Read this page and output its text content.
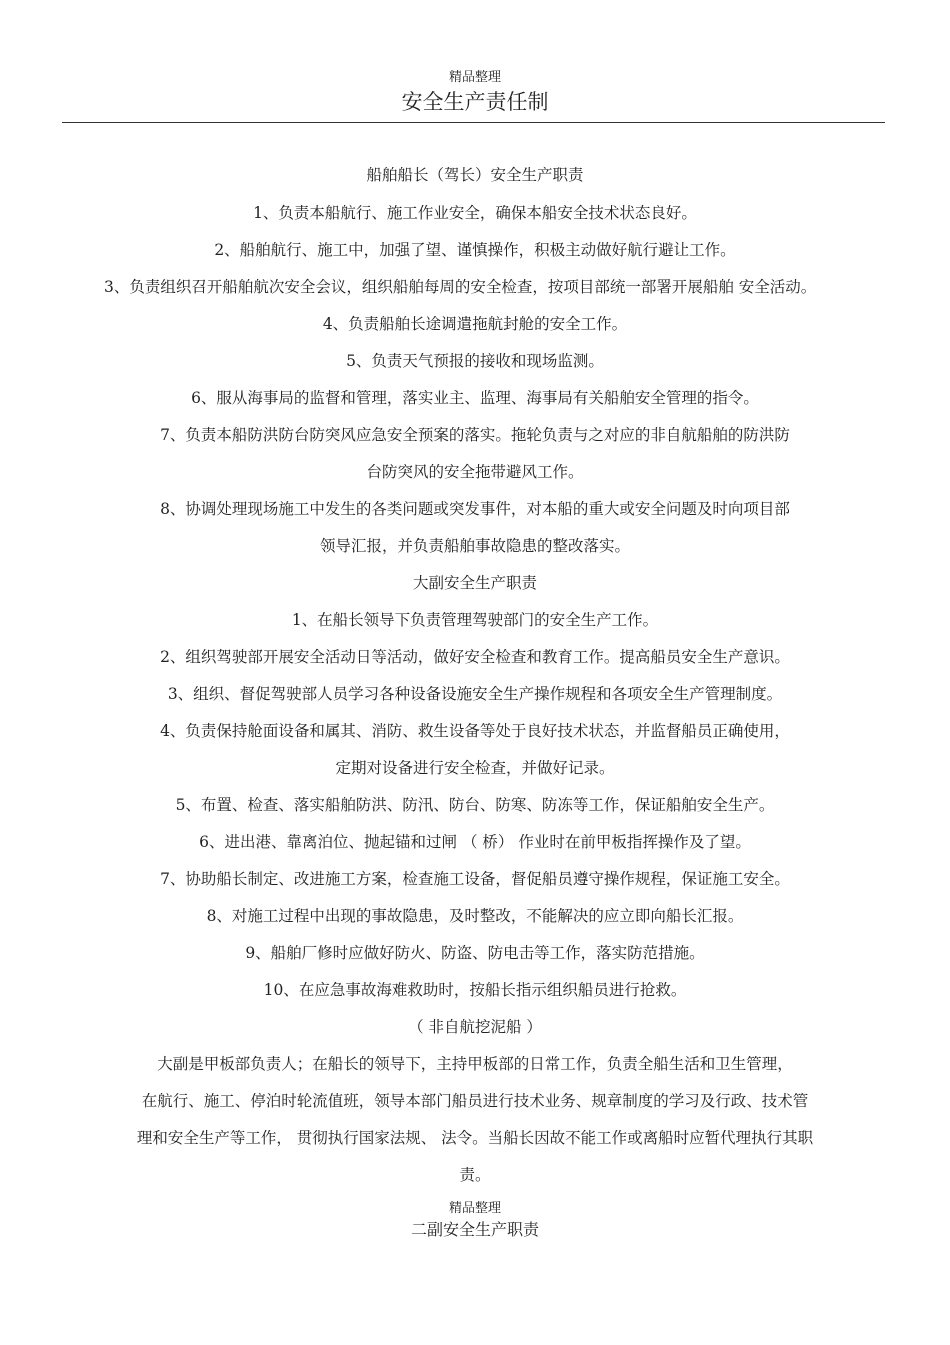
精品整理
安全生产责任制
船舶船长（驾长）安全生产职责
1、负责本船航行、施工作业安全，确保本船安全技术状态良好。
2、船舶航行、施工中，加强了望、谨慎操作，积极主动做好航行避让工作。
3、负责组织召开船舶航次安全会议，组织船舶每周的安全检查，按项目部统一部署开展船舶 安全活动。
4、负责船舶长途调遣拖航封舱的安全工作。
5、负责天气预报的接收和现场监测。
6、服从海事局的监督和管理，落实业主、监理、海事局有关船舶安全管理的指令。
7、负责本船防洪防台防突风应急安全预案的落实。拖轮负责与之对应的非自航船舶的防洪防
台防突风的安全拖带避风工作。
8、协调处理现场施工中发生的各类问题或突发事件，对本船的重大或安全问题及时向项目部
领导汇报，并负责船舶事故隐患的整改落实。
大副安全生产职责
1、在船长领导下负责管理驾驶部门的安全生产工作。
2、组织驾驶部开展安全活动日等活动，做好安全检查和教育工作。提高船员安全生产意识。
3、组织、督促驾驶部人员学习各种设备设施安全生产操作规程和各项安全生产管理制度。
4、负责保持舱面设备和属其、消防、救生设备等处于良好技术状态，并监督船员正确使用，
定期对设备进行安全检查，并做好记录。
5、布置、检查、落实船舶防洪、防汛、防台、防寒、防冻等工作，保证船舶安全生产。
6、进出港、靠离泊位、抛起锚和过闸 （ 桥） 作业时在前甲板指挥操作及了望。
7、协助船长制定、改进施工方案，检查施工设备，督促船员遵守操作规程，保证施工安全。
8、对施工过程中出现的事故隐患，及时整改，不能解决的应立即向船长汇报。
9、船舶厂修时应做好防火、防盗、防电击等工作，落实防范措施。
10、在应急事故海难救助时，按船长指示组织船员进行抢救。
（ 非自航挖泥船 ）
大副是甲板部负责人；在船长的领导下，主持甲板部的日常工作，负责全船生活和卫生管理，
在航行、施工、停泊时轮流值班，领导本部门船员进行技术业务、规章制度的学习及行政、技术管
理和安全生产等工作， 贯彻执行国家法规、 法令。当船长因故不能工作或离船时应暂代理执行其职
责。
精品整理
二副安全生产职责
